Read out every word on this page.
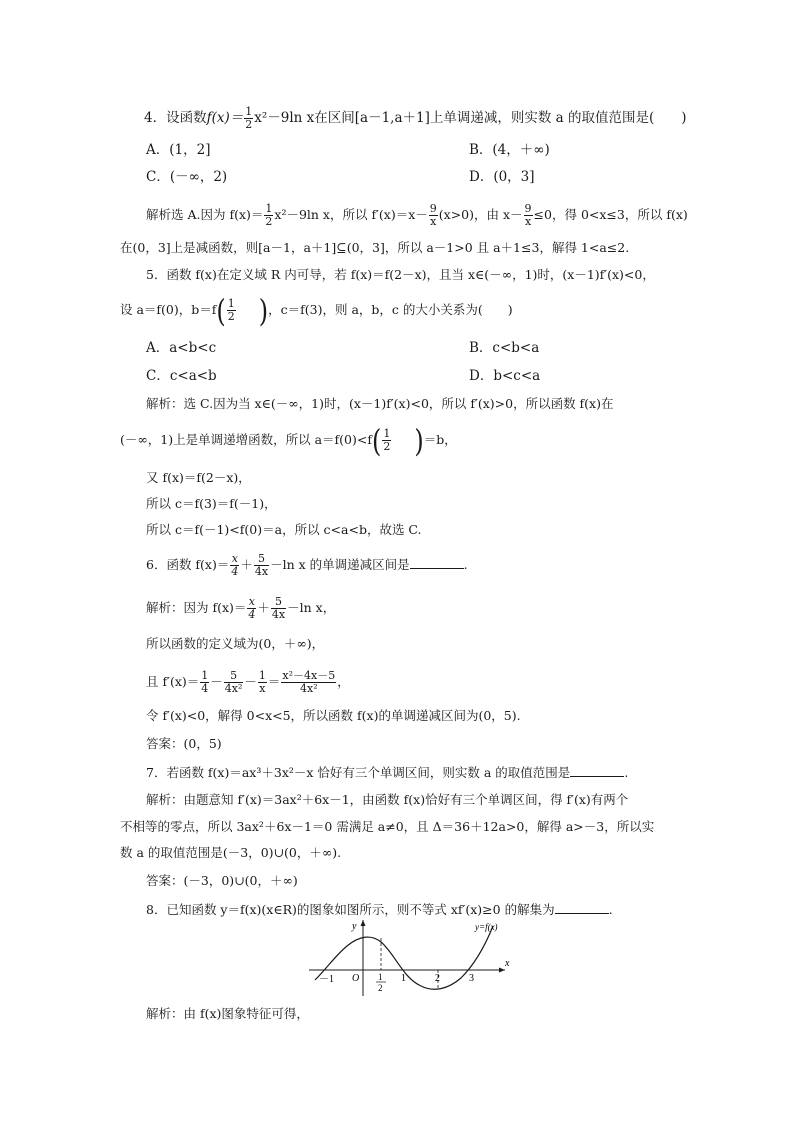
4．设函数$f(x)= \frac{1}{2} x^2-9\ln$ x在区间[a－1,a＋1]上单调递减，则实数 a 的取值范围是(　　)
A．(1，2]	B．(4，＋∞)
C．(－∞，2)	D．(0，3]
解析选 A.因为 $f(x)= \frac{1}{2} x^2-9\ln$ x，所以 $f'(x)=x- \frac{9}{x} (x>0)$，由 $x- \frac{9}{x} \le 0$，得 0<x≤3，所以 f(x)
在(0，3]上是减函数，则[a－1，a＋1]⊆(0，3]，所以 a－1>0 且 a＋1≤3，解得 1<a≤2.
5．函数 f(x)在定义域 R 内可导，若 f(x)＝f(2－x)，且当 x∈(－∞，1)时，(x－1)f′(x)<0，
设 a＝f(0)，$b=f( \frac{1}{2}$ )，c＝f(3)，则 a，b，c 的大小关系为(　　)
A．a<b<c	B．c<b<a
C．c<a<b	D．b<c<a
解析：选 C.因为当 x∈(－∞，1)时，(x－1)f′(x)<0，所以 f′(x)>0，所以函数 f(x)在
(－∞，1)上是单调递增函数，所以 $a=f(0)<f( \frac{1}{2} )=b$，
又 f(x)＝f(2－x)，
所以 c＝f(3)＝f(－1)，
所以 c＝f(－1)<f(0)＝a，所以 c<a<b，故选 C.
6．函数 $f(x)= \frac{x}{4} + \frac{5}{4x} -\ln$ x 的单调递减区间是	.
解析：因为 $f(x)= \frac{x}{4} + \frac{5}{4x} -\ln$ x，
所以函数的定义域为(0，＋∞)，
且 $f'(x)= \frac{1}{4} - \frac{5}{\text{4x²}} - \frac{1}{x} = \frac{\text{x²－4x－5}}{\text{4x²}}$ ，
令 f′(x)<0，解得 0<x<5，所以函数 f(x)的单调递减区间为(0，5).
答案：(0，5)
7．若函数 f(x)＝ax³＋3x²－x 恰好有三个单调区间，则实数 a 的取值范围是	.
解析：由题意知 f′(x)＝3ax²＋6x－1，由函数 f(x)恰好有三个单调区间，得 f′(x)有两个
不相等的零点，所以 3ax²＋6x－1＝0 需满足 a≠0，且 Δ＝36＋12a>0，解得 a>－3，所以实
数 a 的取值范围是(－3，0)∪(0，＋∞).
答案：(－3，0)∪(0，＋∞)
8．已知函数 y＝f(x)(x∈R)的图象如图所示，则不等式 xf′(x)≥0 的解集为	.
y
x
y=f(x)
O
－1	1
2
1	2	3
解析：由 f(x)图象特征可得，
